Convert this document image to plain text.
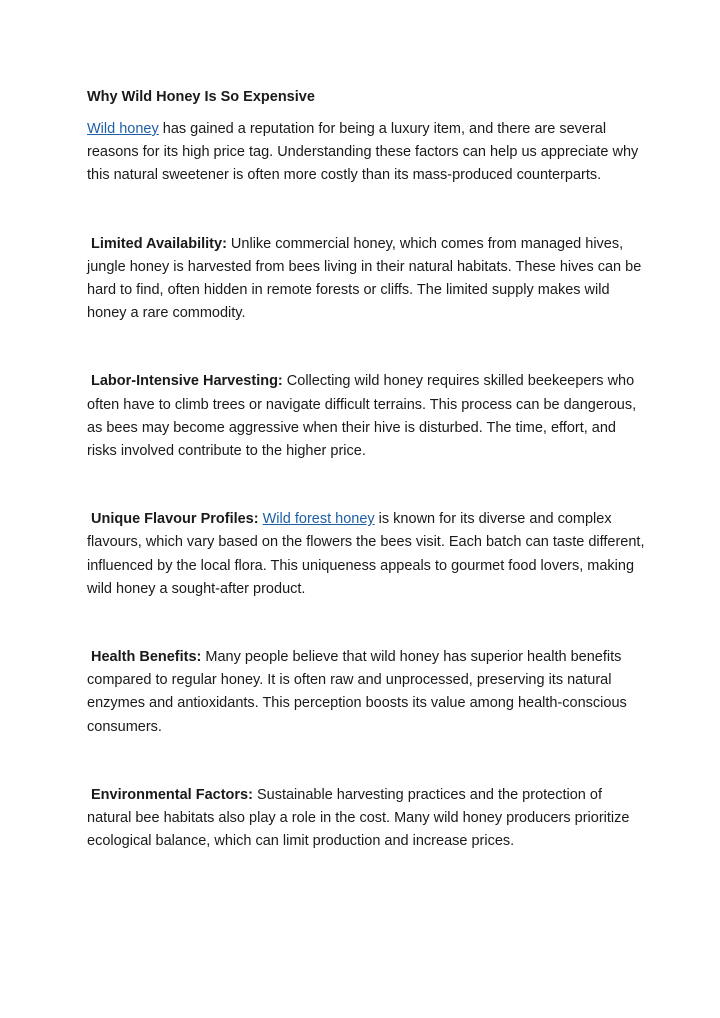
Why Wild Honey Is So Expensive

Wild honey has gained a reputation for being a luxury item, and there are several reasons for its high price tag. Understanding these factors can help us appreciate why this natural sweetener is often more costly than its mass-produced counterparts.

Limited Availability: Unlike commercial honey, which comes from managed hives, jungle honey is harvested from bees living in their natural habitats. These hives can be hard to find, often hidden in remote forests or cliffs. The limited supply makes wild honey a rare commodity.

Labor-Intensive Harvesting: Collecting wild honey requires skilled beekeepers who often have to climb trees or navigate difficult terrains. This process can be dangerous, as bees may become aggressive when their hive is disturbed. The time, effort, and risks involved contribute to the higher price.

Unique Flavour Profiles: Wild forest honey is known for its diverse and complex flavours, which vary based on the flowers the bees visit. Each batch can taste different, influenced by the local flora. This uniqueness appeals to gourmet food lovers, making wild honey a sought-after product.

Health Benefits: Many people believe that wild honey has superior health benefits compared to regular honey. It is often raw and unprocessed, preserving its natural enzymes and antioxidants. This perception boosts its value among health-conscious consumers.

Environmental Factors: Sustainable harvesting practices and the protection of natural bee habitats also play a role in the cost. Many wild honey producers prioritize ecological balance, which can limit production and increase prices.
